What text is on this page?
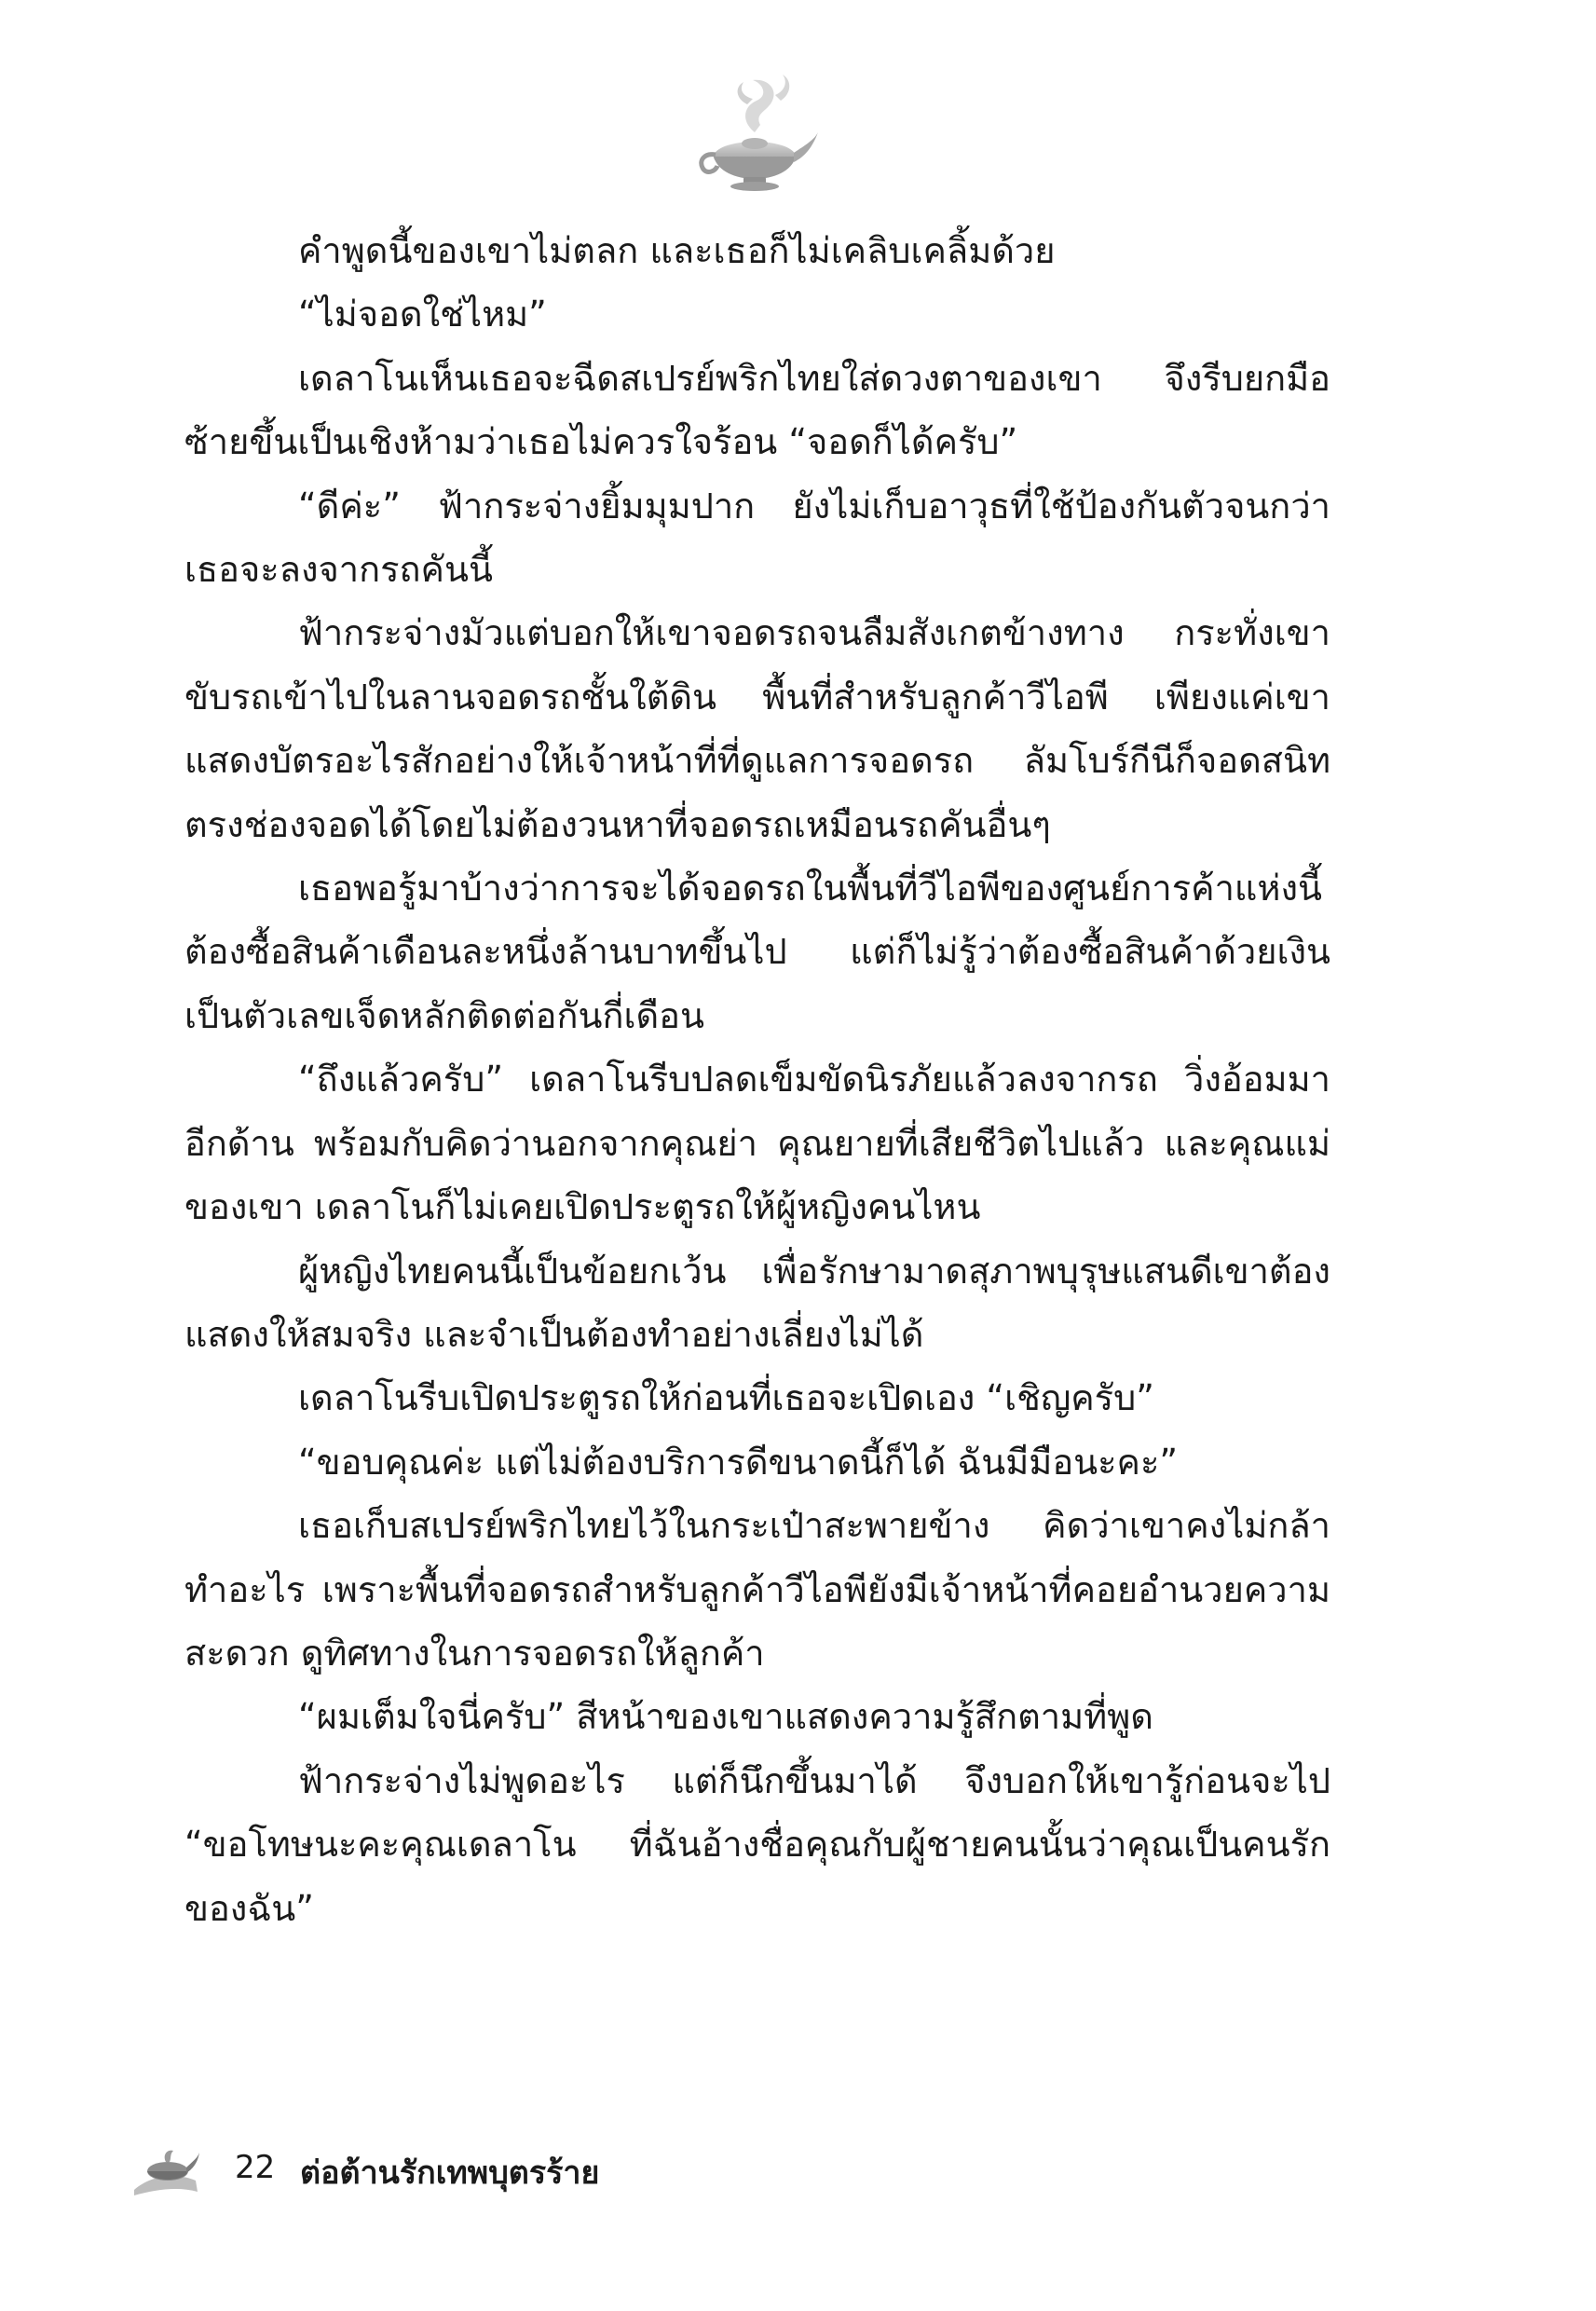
คำพูดนี้ของเขาไม่ตลก และเธอก็ไม่เคลิบเคลิ้มด้วย

“ไม่จอดใช่ไหม”

เดลาโนเห็นเธอจะฉีดสเปรย์พริกไทยใส่ดวงตาของเขา จึงรีบยกมือซ้ายขึ้นเป็นเชิงห้ามว่าเธอไม่ควรใจร้อน “จอดก็ได้ครับ”

“ดีค่ะ” ฟ้ากระจ่างยิ้มมุมปาก ยังไม่เก็บอาวุธที่ใช้ป้องกันตัวจนกว่าเธอจะลงจากรถคันนี้

ฟ้ากระจ่างมัวแต่บอกให้เขาจอดรถจนลืมสังเกตข้างทาง กระทั่งเขาขับรถเข้าไปในลานจอดรถชั้นใต้ดิน พื้นที่สำหรับลูกค้าวีไอพี เพียงแค่เขาแสดงบัตรอะไรสักอย่างให้เจ้าหน้าที่ที่ดูแลการจอดรถ ลัมโบร์กีนีก็จอดสนิทตรงช่องจอดได้โดยไม่ต้องวนหาที่จอดรถเหมือนรถคันอื่นๆ

เธอพอรู้มาบ้างว่าการจะได้จอดรถในพื้นที่วีไอพีของศูนย์การค้าแห่งนี้ต้องซื้อสินค้าเดือนละหนึ่งล้านบาทขึ้นไป แต่ก็ไม่รู้ว่าต้องซื้อสินค้าด้วยเงินเป็นตัวเลขเจ็ดหลักติดต่อกันกี่เดือน

“ถึงแล้วครับ” เดลาโนรีบปลดเข็มขัดนิรภัยแล้วลงจากรถ วิ่งอ้อมมาอีกด้าน พร้อมกับคิดว่านอกจากคุณย่า คุณยายที่เสียชีวิตไปแล้ว และคุณแม่ของเขา เดลาโนก็ไม่เคยเปิดประตูรถให้ผู้หญิงคนไหน

ผู้หญิงไทยคนนี้เป็นข้อยกเว้น เพื่อรักษามาดสุภาพบุรุษแสนดีเขาต้องแสดงให้สมจริง และจำเป็นต้องทำอย่างเลี่ยงไม่ได้

เดลาโนรีบเปิดประตูรถให้ก่อนที่เธอจะเปิดเอง “เชิญครับ”

“ขอบคุณค่ะ แต่ไม่ต้องบริการดีขนาดนี้ก็ได้ ฉันมีมือนะคะ”

เธอเก็บสเปรย์พริกไทยไว้ในกระเป๋าสะพายข้าง คิดว่าเขาคงไม่กล้าทำอะไร เพราะพื้นที่จอดรถสำหรับลูกค้าวีไอพียังมีเจ้าหน้าที่คอยอำนวยความสะดวก ดูทิศทางในการจอดรถให้ลูกค้า

“ผมเต็มใจนี่ครับ” สีหน้าของเขาแสดงความรู้สึกตามที่พูด

ฟ้ากระจ่างไม่พูดอะไร แต่ก็นึกขึ้นมาได้ จึงบอกให้เขารู้ก่อนจะไป “ขอโทษนะคะคุณเดลาโน ที่ฉันอ้างชื่อคุณกับผู้ชายคนนั้นว่าคุณเป็นคนรักของฉัน”

22 ต่อต้านรักเทพบุตรร้าย
